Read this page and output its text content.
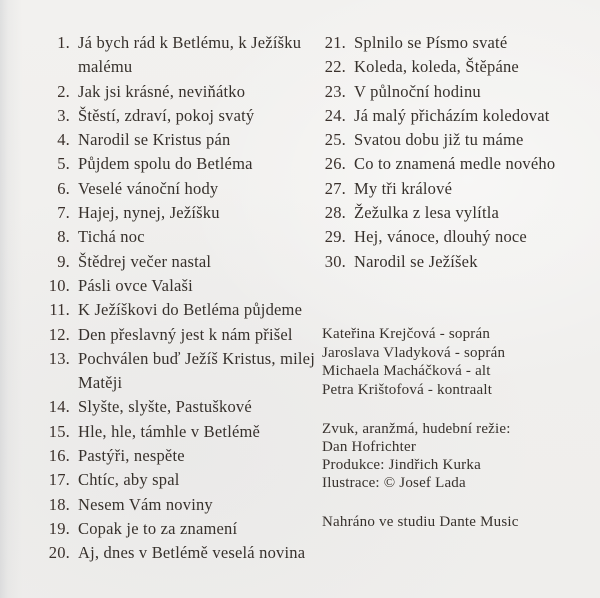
1. Já bych rád k Betlému, k Ježíšku malému
2. Jak jsi krásné, neviňátko
3. Štěstí, zdraví, pokoj svatý
4. Narodil se Kristus pán
5. Půjdem spolu do Betléma
6. Veselé vánoční hody
7. Hajej, nynej, Ježíšku
8. Tichá noc
9. Štědrej večer nastal
10. Pásli ovce Valaši
11. K Ježíškovi do Betléma půjdeme
12. Den přeslavný jest k nám přišel
13. Pochválen buď Ježíš Kristus, milej Matěji
14. Slyšte, slyšte, Pastuškové
15. Hle, hle, támhle v Betlémě
16. Pastýři, nespěte
17. Chtíc, aby spal
18. Nesem Vám noviny
19. Copak je to za znamení
20. Aj, dnes v Betlémě veselá novina
21. Splnilo se Písmo svaté
22. Koleda, koleda, Štěpáne
23. V půlnoční hodinu
24. Já malý přicházím koledovat
25. Svatou dobu již tu máme
26. Co to znamená medle nového
27. My tři králové
28. Žežulka z lesa vylítla
29. Hej, vánoce, dlouhý noce
30. Narodil se Ježíšek
Kateřina Krejčová - soprán
Jaroslava Vladyková - soprán
Michaela Macháčková - alt
Petra Krištofová - kontraalt
Zvuk, aranžmá, hudební režie:
Dan Hofrichter
Produkce: Jindřich Kurka
Ilustrace: © Josef Lada
Nahráno ve studiu Dante Music
